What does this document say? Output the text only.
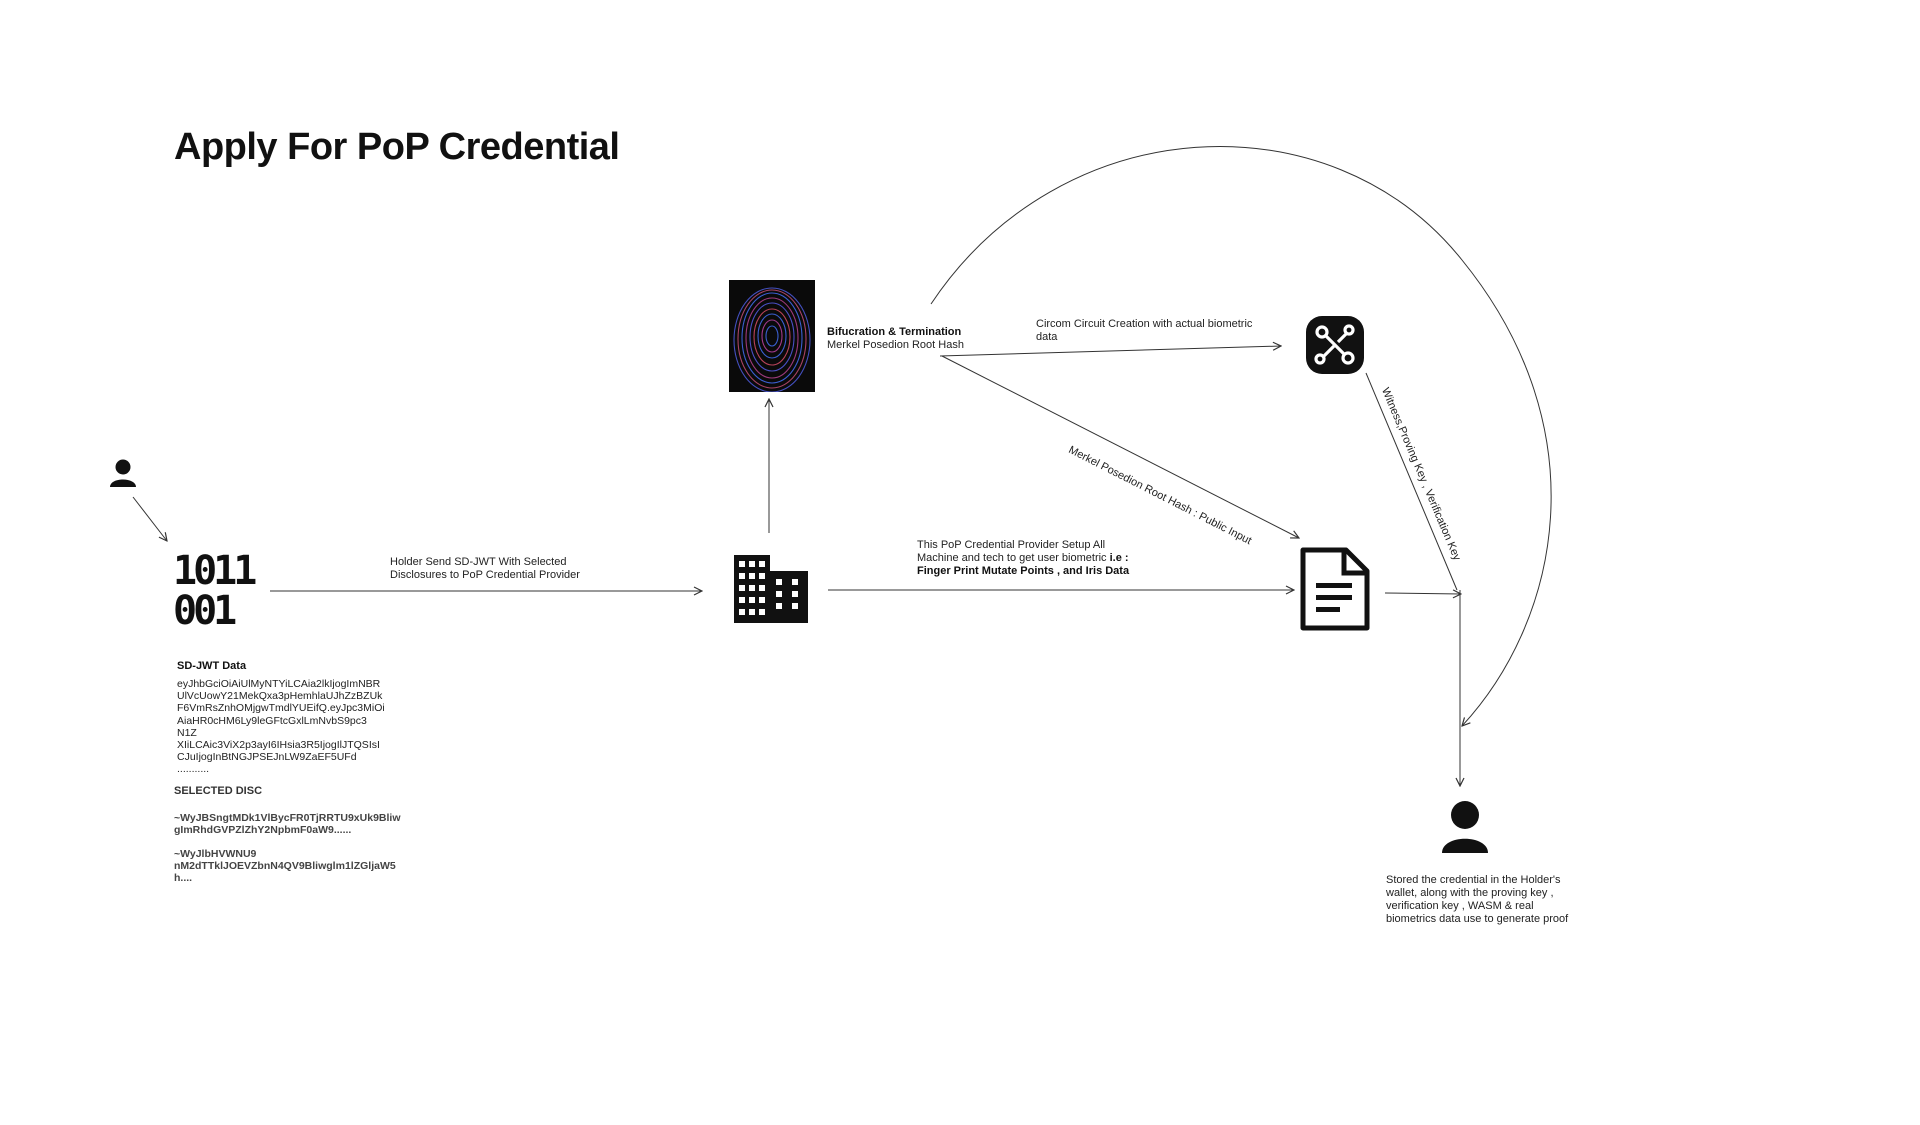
Apply For PoP Credential
1011
001
SD-JWT Data
eyJhbGciOiAiUlMyNTYiLCAia2lkIjogImNBR
UlVcUowY21MekQxa3pHemhlaUJhZzBZUk
F6VmRsZnhOMjgwTmdlYUEifQ.eyJpc3MiOi
AiaHR0cHM6Ly9leGFtcGxlLmNvbS9pc3
N1Z
XIiLCAic3ViX2p3ayI6IHsia3R5IjogIlJTQSIsI
CJuIjogInBtNGJPSEJnLW9ZaEF5UFd
...........
SELECTED DISC
~WyJBSngtMDk1VlBycFR0TjRRTU9xUk9Bliw
gImRhdGVPZlZhY2NpbmF0aW9......
~WyJlbHVWNU9
nM2dTTklJOEVZbnN4QV9Bliwglm1lZGljaW5
h....
Holder Send SD-JWT With Selected
Disclosures to PoP Credential Provider
Bifucration & Termination
Merkel Posedion Root Hash
Circom Circuit Creation with actual biometric
data
Merkel Posedion Root Hash : Public Input	Witness,Proving Key , Verification Key
This PoP Credential Provider Setup All
Machine and tech to get user biometric i.e :
Finger Print Mutate Points , and Iris Data
Stored the credential in the Holder's
wallet, along with the proving key ,
verification key , WASM & real
biometrics data use to generate proof
